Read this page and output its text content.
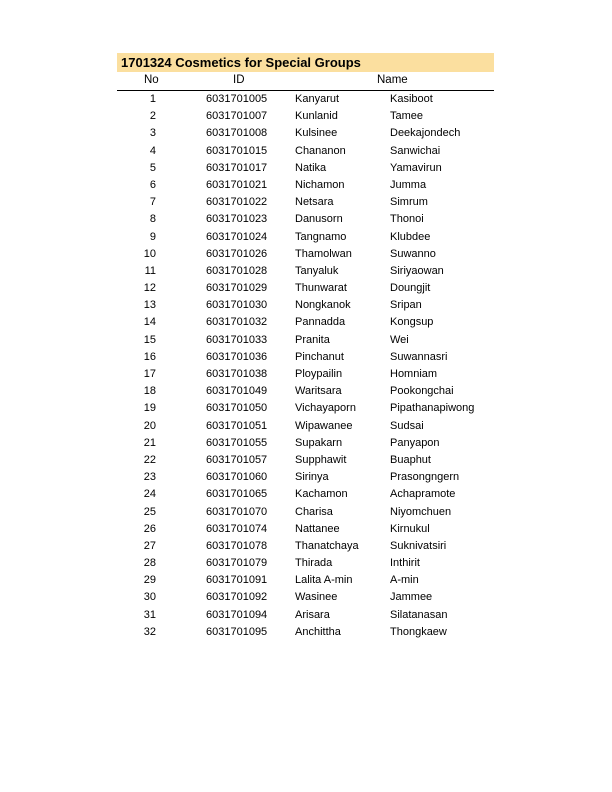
1701324 Cosmetics for Special Groups
No	ID	Name
1	6031701005	Kanyarut	Kasiboot
2	6031701007	Kunlanid	Tamee
3	6031701008	Kulsinee	Deekajondech
4	6031701015	Chananon	Sanwichai
5	6031701017	Natika	Yamavirun
6	6031701021	Nichamon	Jumma
7	6031701022	Netsara	Simrum
8	6031701023	Danusorn	Thonoi
9	6031701024	Tangnamo	Klubdee
10	6031701026	Thamolwan	Suwanno
11	6031701028	Tanyaluk	Siriyaowan
12	6031701029	Thunwarat	Doungjit
13	6031701030	Nongkanok	Sripan
14	6031701032	Pannadda	Kongsup
15	6031701033	Pranita	Wei
16	6031701036	Pinchanut	Suwannasri
17	6031701038	Ploypailin	Homniam
18	6031701049	Waritsara	Pookongchai
19	6031701050	Vichayaporn	Pipathanapiwong
20	6031701051	Wipawanee	Sudsai
21	6031701055	Supakarn	Panyapon
22	6031701057	Supphawit	Buaphut
23	6031701060	Sirinya	Prasongngern
24	6031701065	Kachamon	Achapramote
25	6031701070	Charisa	Niyomchuen
26	6031701074	Nattanee	Kirnukul
27	6031701078	Thanatchaya	Suknivatsiri
28	6031701079	Thirada	Inthirit
29	6031701091	Lalita A-min	A-min
30	6031701092	Wasinee	Jammee
31	6031701094	Arisara	Silatanasan
32	6031701095	Anchittha	Thongkaew
